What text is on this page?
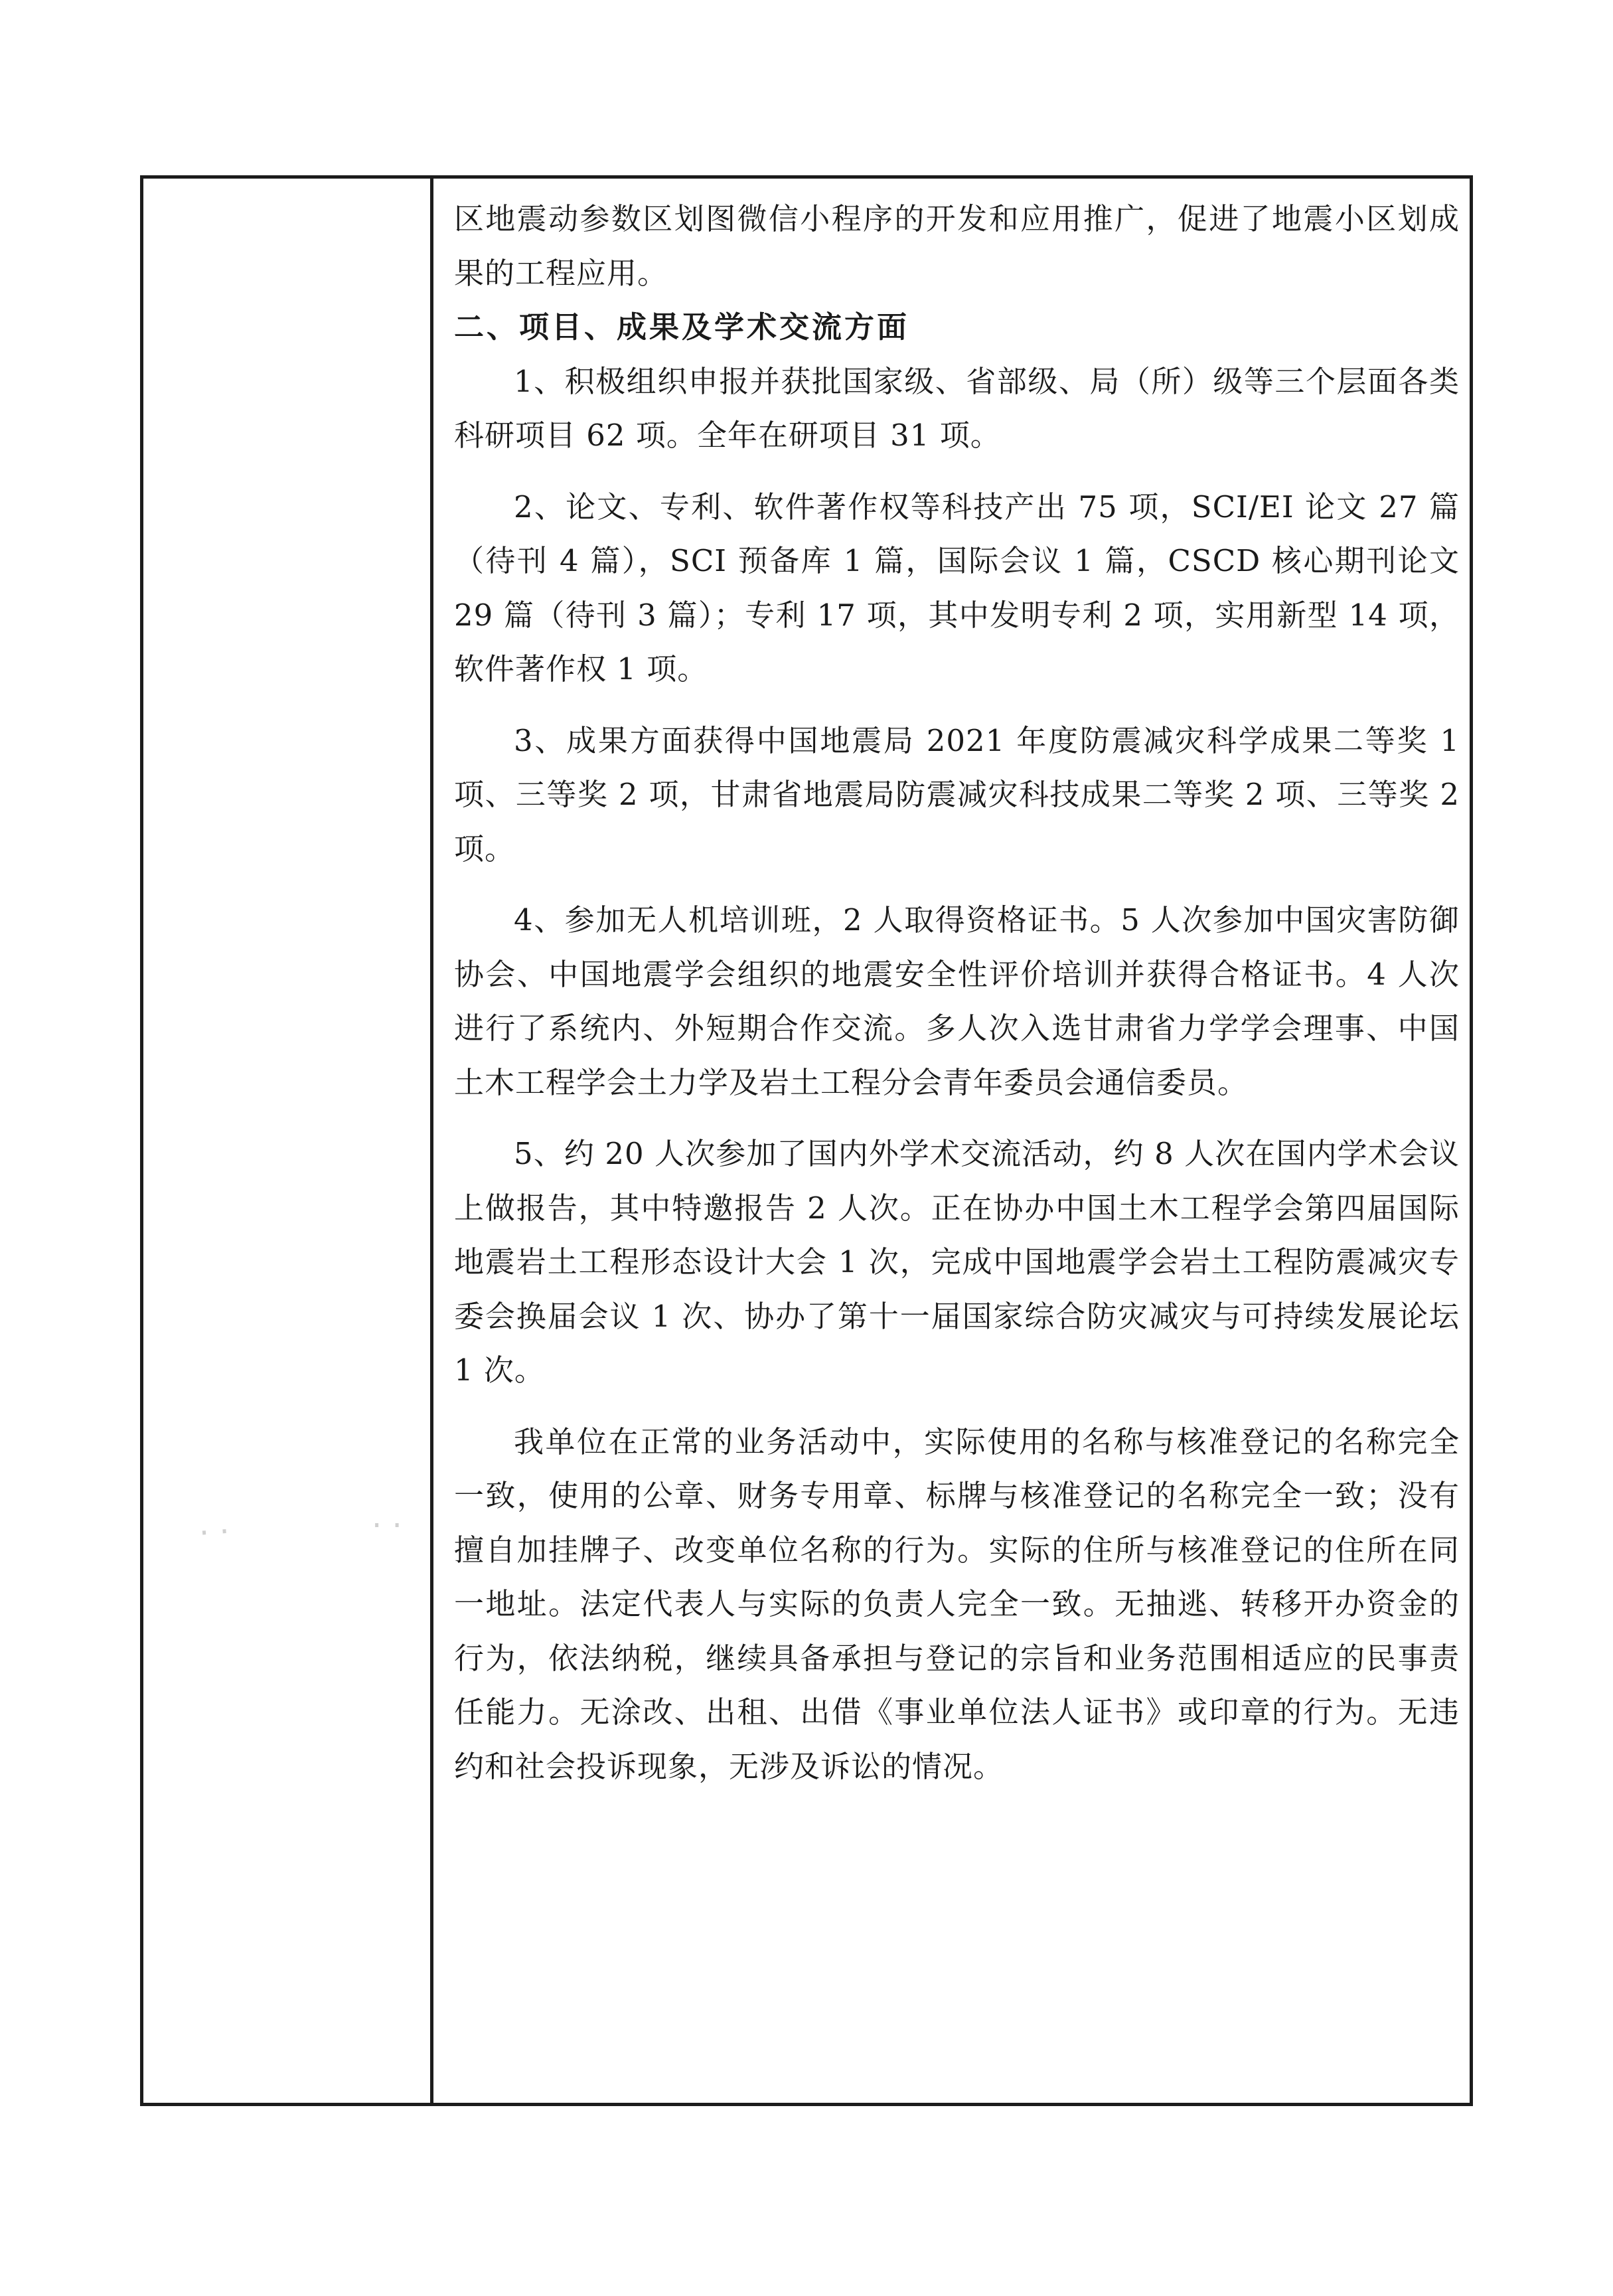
· ·	· ·

区地震动参数区划图微信小程序的开发和应用推广，促进了地震小区划成果的工程应用。

二、项目、成果及学术交流方面

1、积极组织申报并获批国家级、省部级、局（所）级等三个层面各类科研项目 62 项。全年在研项目 31 项。

2、论文、专利、软件著作权等科技产出 75 项，SCI/EI 论文 27 篇（待刊 4 篇），SCI 预备库 1 篇，国际会议 1 篇，CSCD 核心期刊论文 29 篇（待刊 3 篇）；专利 17 项，其中发明专利 2 项，实用新型 14 项，软件著作权 1 项。

3、成果方面获得中国地震局 2021 年度防震减灾科学成果二等奖 1 项、三等奖 2 项，甘肃省地震局防震减灾科技成果二等奖 2 项、三等奖 2 项。

4、参加无人机培训班，2 人取得资格证书。5 人次参加中国灾害防御协会、中国地震学会组织的地震安全性评价培训并获得合格证书。4 人次进行了系统内、外短期合作交流。多人次入选甘肃省力学学会理事、中国土木工程学会土力学及岩土工程分会青年委员会通信委员。

5、约 20 人次参加了国内外学术交流活动，约 8 人次在国内学术会议上做报告，其中特邀报告 2 人次。正在协办中国土木工程学会第四届国际地震岩土工程形态设计大会 1 次，完成中国地震学会岩土工程防震减灾专委会换届会议 1 次、协办了第十一届国家综合防灾减灾与可持续发展论坛 1 次。

我单位在正常的业务活动中，实际使用的名称与核准登记的名称完全一致，使用的公章、财务专用章、标牌与核准登记的名称完全一致；没有擅自加挂牌子、改变单位名称的行为。实际的住所与核准登记的住所在同一地址。法定代表人与实际的负责人完全一致。无抽逃、转移开办资金的行为，依法纳税，继续具备承担与登记的宗旨和业务范围相适应的民事责任能力。无涂改、出租、出借《事业单位法人证书》或印章的行为。无违约和社会投诉现象，无涉及诉讼的情况。
